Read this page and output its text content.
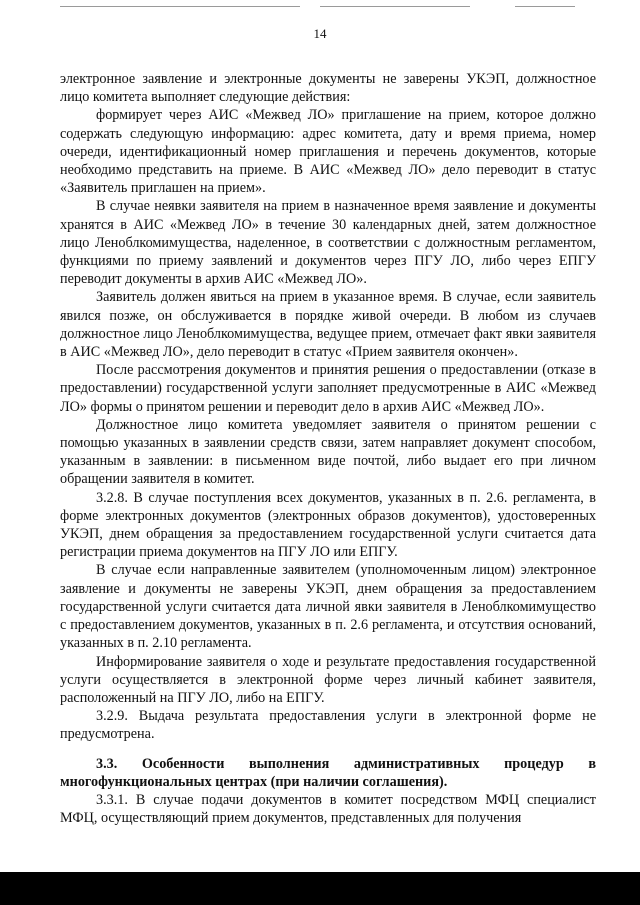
14

электронное заявление и электронные документы не заверены УКЭП, должностное лицо комитета выполняет следующие действия:

формирует через АИС «Межвед ЛО» приглашение на прием, которое должно содержать следующую информацию: адрес комитета, дату и время приема, номер очереди, идентификационный номер приглашения и перечень документов, которые необходимо представить на приеме. В АИС «Межвед ЛО» дело переводит в статус «Заявитель приглашен на прием».

В случае неявки заявителя на прием в назначенное время заявление и документы хранятся в АИС «Межвед ЛО» в течение 30 календарных дней, затем должностное лицо Леноблкомимущества, наделенное, в соответствии с должностным регламентом, функциями по приему заявлений и документов через ПГУ ЛО, либо через ЕПГУ переводит документы в архив АИС «Межвед ЛО».

Заявитель должен явиться на прием в указанное время. В случае, если заявитель явился позже, он обслуживается в порядке живой очереди. В любом из случаев должностное лицо Леноблкомимущества, ведущее прием, отмечает факт явки заявителя в АИС «Межвед ЛО», дело переводит в статус «Прием заявителя окончен».

После рассмотрения документов и принятия решения о предоставлении (отказе в предоставлении) государственной услуги заполняет предусмотренные в АИС «Межвед ЛО» формы о принятом решении и переводит дело в архив АИС «Межвед ЛО».

Должностное лицо комитета уведомляет заявителя о принятом решении с помощью указанных в заявлении средств связи, затем направляет документ способом, указанным в заявлении: в письменном виде почтой, либо выдает его при личном обращении заявителя в комитет.

3.2.8. В случае поступления всех документов, указанных в п. 2.6. регламента, в форме электронных документов (электронных образов документов), удостоверенных УКЭП, днем обращения за предоставлением государственной услуги считается дата регистрации приема документов на ПГУ ЛО или ЕПГУ.

В случае если направленные заявителем (уполномоченным лицом) электронное заявление и документы не заверены УКЭП, днем обращения за предоставлением государственной услуги считается дата личной явки заявителя в Леноблкомимущество с предоставлением документов, указанных в п. 2.6 регламента, и отсутствия оснований, указанных в п. 2.10 регламента.

Информирование заявителя о ходе и результате предоставления государственной услуги осуществляется в электронной форме через личный кабинет заявителя, расположенный на ПГУ ЛО, либо на ЕПГУ.

3.2.9. Выдача результата предоставления услуги в электронной форме не предусмотрена.

3.3. Особенности выполнения административных процедур в многофункциональных центрах (при наличии соглашения).

3.3.1. В случае подачи документов в комитет посредством МФЦ специалист МФЦ, осуществляющий прием документов, представленных для получения
